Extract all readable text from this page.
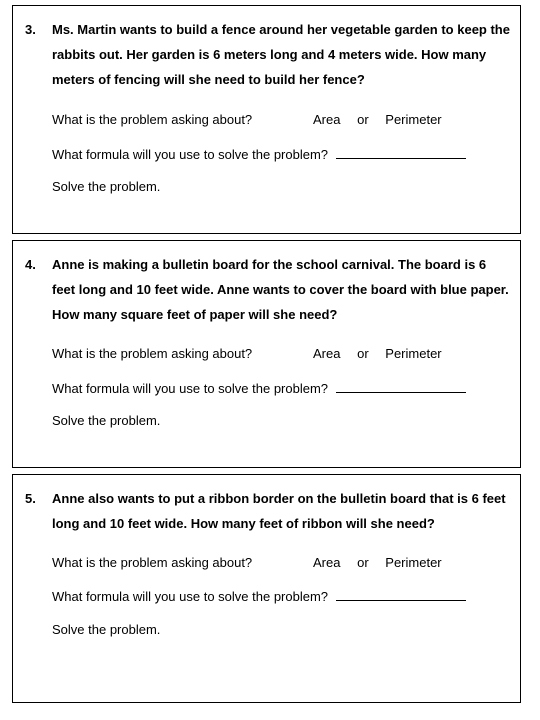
3. Ms. Martin wants to build a fence around her vegetable garden to keep the rabbits out. Her garden is 6 meters long and 4 meters wide. How many meters of fencing will she need to build her fence?

What is the problem asking about?	Area or Perimeter
What formula will you use to solve the problem?
Solve the problem.
4. Anne is making a bulletin board for the school carnival. The board is 6 feet long and 10 feet wide. Anne wants to cover the board with blue paper. How many square feet of paper will she need?

What is the problem asking about?	Area or Perimeter
What formula will you use to solve the problem?
Solve the problem.
5. Anne also wants to put a ribbon border on the bulletin board that is 6 feet long and 10 feet wide. How many feet of ribbon will she need?

What is the problem asking about?	Area or Perimeter
What formula will you use to solve the problem?
Solve the problem.
